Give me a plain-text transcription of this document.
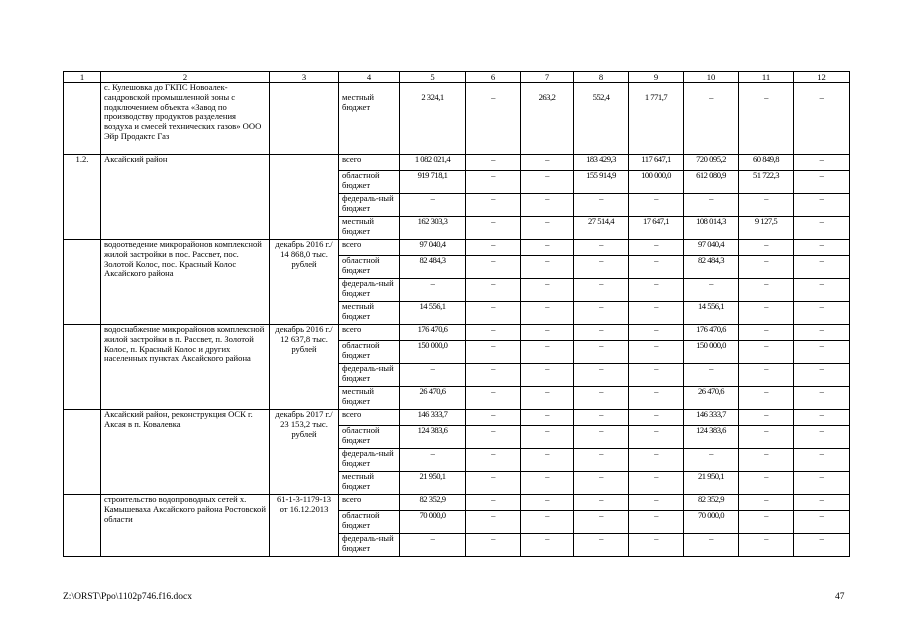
1	2	3	4	5	6	7	8	9	10	11	12
	с. Кулешовка до ГКПС Новоалек-сандровской промышленной зоны с подключением объекта «Завод по производству продуктов разделения воздуха и смесей технических газов» ООО Эйр Продактс Газ		местный бюджет	2 324,1	–	263,2	552,4	1 771,7	–	–	–
1.2.	Аксайский район		всего	1 082 021,4	–	–	183 429,3	117 647,1	720 095,2	60 849,8	–
			областной бюджет	919 718,1	–	–	155 914,9	100 000,0	612 080,9	51 722,3	–
			федераль-ный бюджет	–	–	–	–	–	–	–	–
			местный бюджет	162 303,3	–	–	27 514,4	17 647,1	108 014,3	9 127,5	–
	водоотведение микрорайонов комплексной жилой застройки в пос. Рассвет, пос. Золотой Колос, пос. Красный Колос Аксайского района	декабрь 2016 г./ 14 868,0 тыс. рублей	всего	97 040,4	–	–	–	–	97 040,4	–	–
			областной бюджет	82 484,3	–	–	–	–	82 484,3	–	–
			федераль-ный бюджет	–	–	–	–	–	–	–	–
			местный бюджет	14 556,1	–	–	–	–	14 556,1	–	–
	водоснабжение микрорайонов комплексной жилой застройки в п. Рассвет, п. Золотой Колос, п. Красный Колос и других населенных пунктах Аксайского района	декабрь 2016 г./ 12 637,8 тыс. рублей	всего	176 470,6	–	–	–	–	176 470,6	–	–
			областной бюджет	150 000,0	–	–	–	–	150 000,0	–	–
			федераль-ный бюджет	–	–	–	–	–	–	–	–
			местный бюджет	26 470,6	–	–	–	–	26 470,6	–	–
	Аксайский район, реконструкция ОСК г. Аксая в п. Ковалевка	декабрь 2017 г./ 23 153,2 тыс. рублей	всего	146 333,7	–	–	–	–	146 333,7	–	–
			областной бюджет	124 383,6	–	–	–	–	124 383,6	–	–
			федераль-ный бюджет	–	–	–	–	–	–	–	–
			местный бюджет	21 950,1	–	–	–	–	21 950,1	–	–
	строительство водопроводных сетей х. Камышеваха Аксайского района Ростовской области	61-1-3-1179-13 от 16.12.2013	всего	82 352,9	–	–	–	–	82 352,9	–	–
			областной бюджет	70 000,0	–	–	–	–	70 000,0	–	–
			федераль-ный бюджет	–	–	–	–	–	–	–	–
Z:\ORST\Ppo\1102p746.f16.docx	47
